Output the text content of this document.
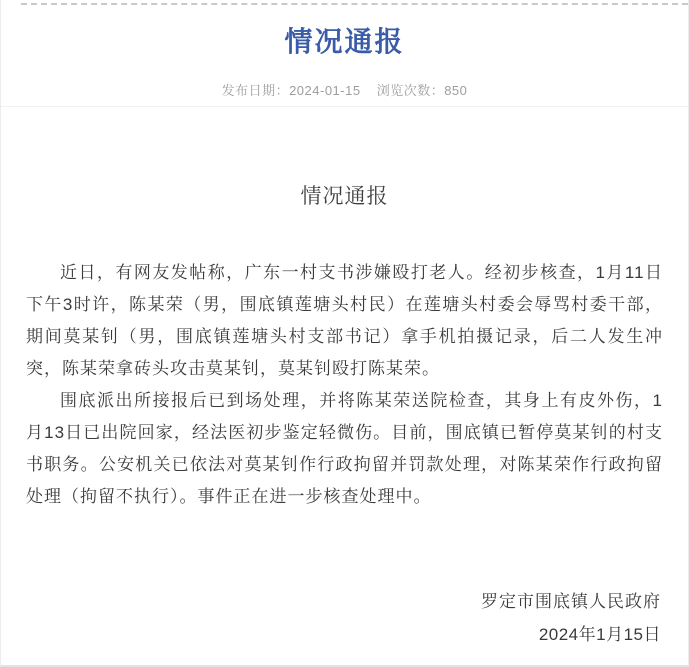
情况通报
发布日期：2024-01-15 浏览次数：850
情况通报

近日，有网友发帖称，广东一村支书涉嫌殴打老人。经初步核查，1月11日下午3时许，陈某荣（男，围底镇莲塘头村民）在莲塘头村委会辱骂村委干部，期间莫某钊（男，围底镇莲塘头村支部书记）拿手机拍摄记录，后二人发生冲突，陈某荣拿砖头攻击莫某钊，莫某钊殴打陈某荣。

围底派出所接报后已到场处理，并将陈某荣送院检查，其身上有皮外伤，1月13日已出院回家，经法医初步鉴定轻微伤。目前，围底镇已暂停莫某钊的村支书职务。公安机关已依法对莫某钊作行政拘留并罚款处理，对陈某荣作行政拘留处理（拘留不执行）。事件正在进一步核查处理中。

罗定市围底镇人民政府
2024年1月15日
